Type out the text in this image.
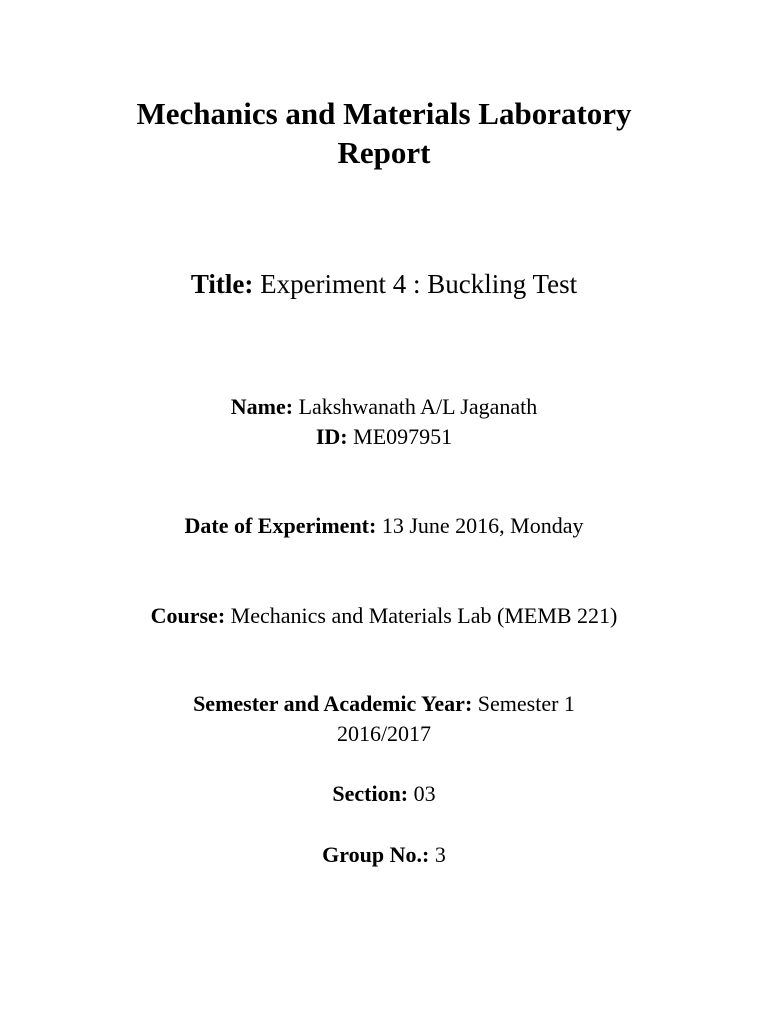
Mechanics and Materials Laboratory
Report
Title: Experiment 4 : Buckling Test
Name: Lakshwanath A/L Jaganath
ID: ME097951
Date of Experiment: 13 June 2016, Monday
Course: Mechanics and Materials Lab (MEMB 221)
Semester and Academic Year: Semester 1
2016/2017
Section: 03
Group No.: 3
